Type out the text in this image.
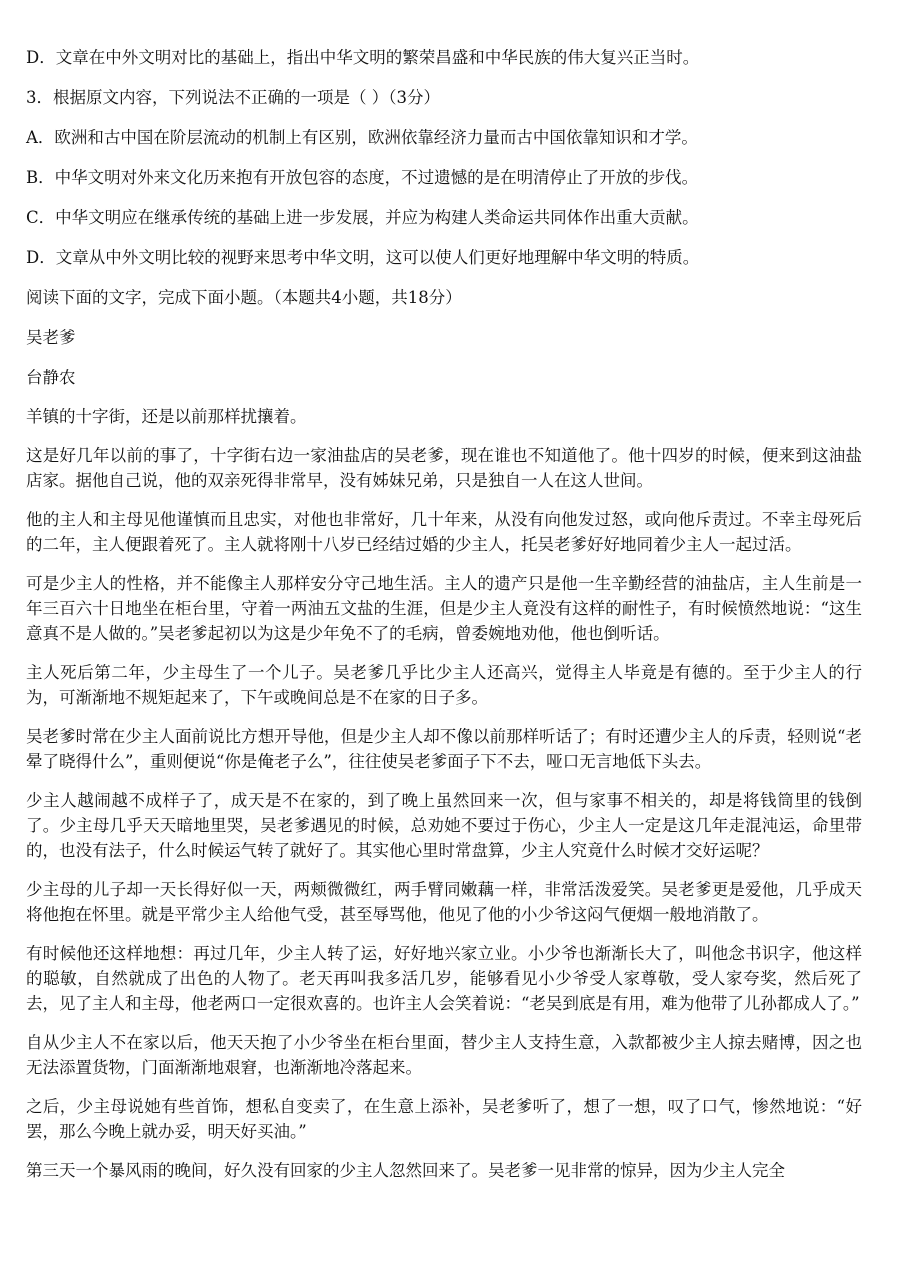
D．文章在中外文明对比的基础上，指出中华文明的繁荣昌盛和中华民族的伟大复兴正当时。

3．根据原文内容，下列说法不正确的一项是（ ）（3分）

A．欧洲和古中国在阶层流动的机制上有区别，欧洲依靠经济力量而古中国依靠知识和才学。

B．中华文明对外来文化历来抱有开放包容的态度，不过遗憾的是在明清停止了开放的步伐。

C．中华文明应在继承传统的基础上进一步发展，并应为构建人类命运共同体作出重大贡献。

D．文章从中外文明比较的视野来思考中华文明，这可以使人们更好地理解中华文明的特质。

阅读下面的文字，完成下面小题。（本题共4小题，共18分）

吴老爹

台静农

羊镇的十字街，还是以前那样扰攘着。

这是好几年以前的事了，十字街右边一家油盐店的吴老爹，现在谁也不知道他了。他十四岁的时候，便来到这油盐店家。据他自己说，他的双亲死得非常早，没有姊妹兄弟，只是独自一人在这人世间。

他的主人和主母见他谨慎而且忠实，对他也非常好，几十年来，从没有向他发过怒，或向他斥责过。不幸主母死后的二年，主人便跟着死了。主人就将刚十八岁已经结过婚的少主人，托吴老爹好好地同着少主人一起过活。

可是少主人的性格，并不能像主人那样安分守己地生活。主人的遗产只是他一生辛勤经营的油盐店，主人生前是一年三百六十日地坐在柜台里，守着一两油五文盐的生涯，但是少主人竟没有这样的耐性子，有时候愤然地说：“这生意真不是人做的。”吴老爹起初以为这是少年免不了的毛病，曾委婉地劝他，他也倒听话。

主人死后第二年，少主母生了一个儿子。吴老爹几乎比少主人还高兴，觉得主人毕竟是有德的。至于少主人的行为，可渐渐地不规矩起来了，下午或晚间总是不在家的日子多。

吴老爹时常在少主人面前说比方想开导他，但是少主人却不像以前那样听话了；有时还遭少主人的斥责，轻则说“老晕了晓得什么”，重则便说“你是俺老子么”，往往使吴老爹面子下不去，哑口无言地低下头去。

少主人越闹越不成样子了，成天是不在家的，到了晚上虽然回来一次，但与家事不相关的，却是将钱筒里的钱倒了。少主母几乎天天暗地里哭，吴老爹遇见的时候，总劝她不要过于伤心，少主人一定是这几年走混沌运，命里带的，也没有法子，什么时候运气转了就好了。其实他心里时常盘算，少主人究竟什么时候才交好运呢？

少主母的儿子却一天长得好似一天，两颊微微红，两手臂同嫩藕一样，非常活泼爱笑。吴老爹更是爱他，几乎成天将他抱在怀里。就是平常少主人给他气受，甚至辱骂他，他见了他的小少爷这闷气便烟一般地消散了。

有时候他还这样地想：再过几年，少主人转了运，好好地兴家立业。小少爷也渐渐长大了，叫他念书识字，他这样的聪敏，自然就成了出色的人物了。老天再叫我多活几岁，能够看见小少爷受人家尊敬，受人家夸奖，然后死了去，见了主人和主母，他老两口一定很欢喜的。也许主人会笑着说：“老吴到底是有用，难为他带了儿孙都成人了。”

自从少主人不在家以后，他天天抱了小少爷坐在柜台里面，替少主人支持生意，入款都被少主人掠去赌博，因之也无法添置货物，门面渐渐地艰窘，也渐渐地冷落起来。

之后，少主母说她有些首饰，想私自变卖了，在生意上添补，吴老爹听了，想了一想，叹了口气，惨然地说：“好罢，那么今晚上就办妥，明天好买油。”

第三天一个暴风雨的晚间，好久没有回家的少主人忽然回来了。吴老爹一见非常的惊异，因为少主人完全
